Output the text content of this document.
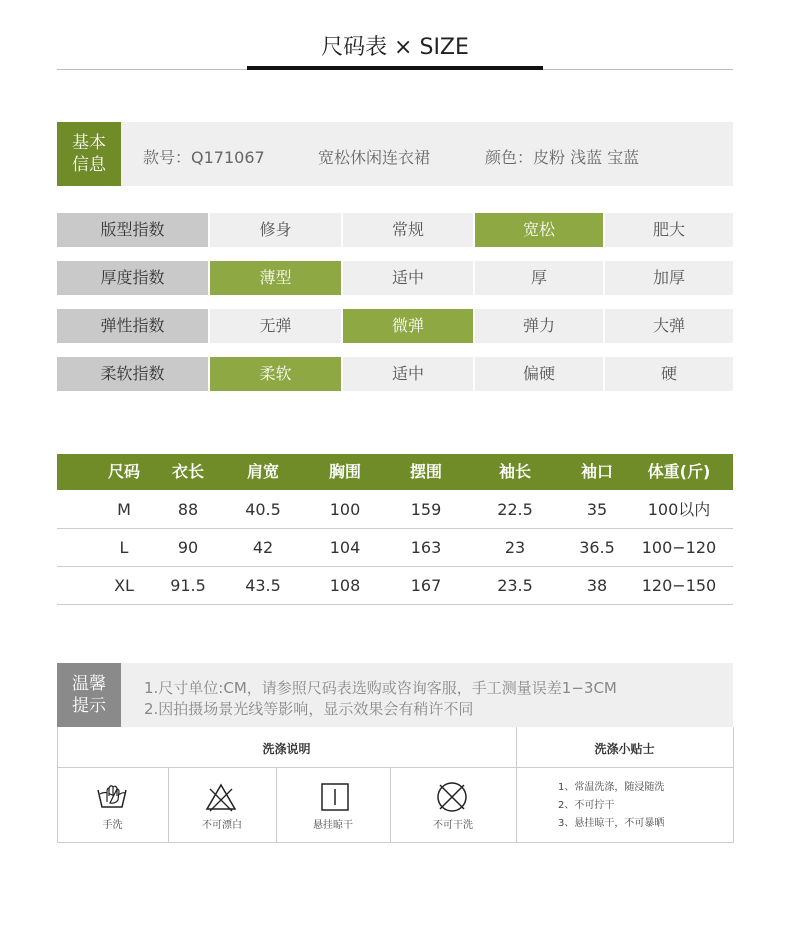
尺码表 × SIZE
基本
信息 款号：Q171067	宽松休闲连衣裙	颜色：皮粉 浅蓝 宝蓝
版型指数	修身	常规	宽松	肥大
厚度指数	薄型	适中	厚	加厚
弹性指数	无弹	微弹	弹力	大弹
柔软指数	柔软	适中	偏硬	硬
尺码	衣长	肩宽	胸围	摆围	袖长	袖口	体重(斤)
M	88	40.5	100	159	22.5	35	100以内
L	90	42	104	163	23	36.5	100−120
XL	91.5	43.5	108	167	23.5	38	120−150
温馨
提示
1.尺寸单位:CM，请参照尺码表选购或咨询客服，手工测量误差1−3CM
2.因拍摄场景光线等影响，显示效果会有稍许不同
洗涤说明	洗涤小贴士
手洗	不可漂白	悬挂晾干	不可干洗
1、常温洗涤，随浸随洗
2、不可拧干
3、悬挂晾干，不可暴晒
